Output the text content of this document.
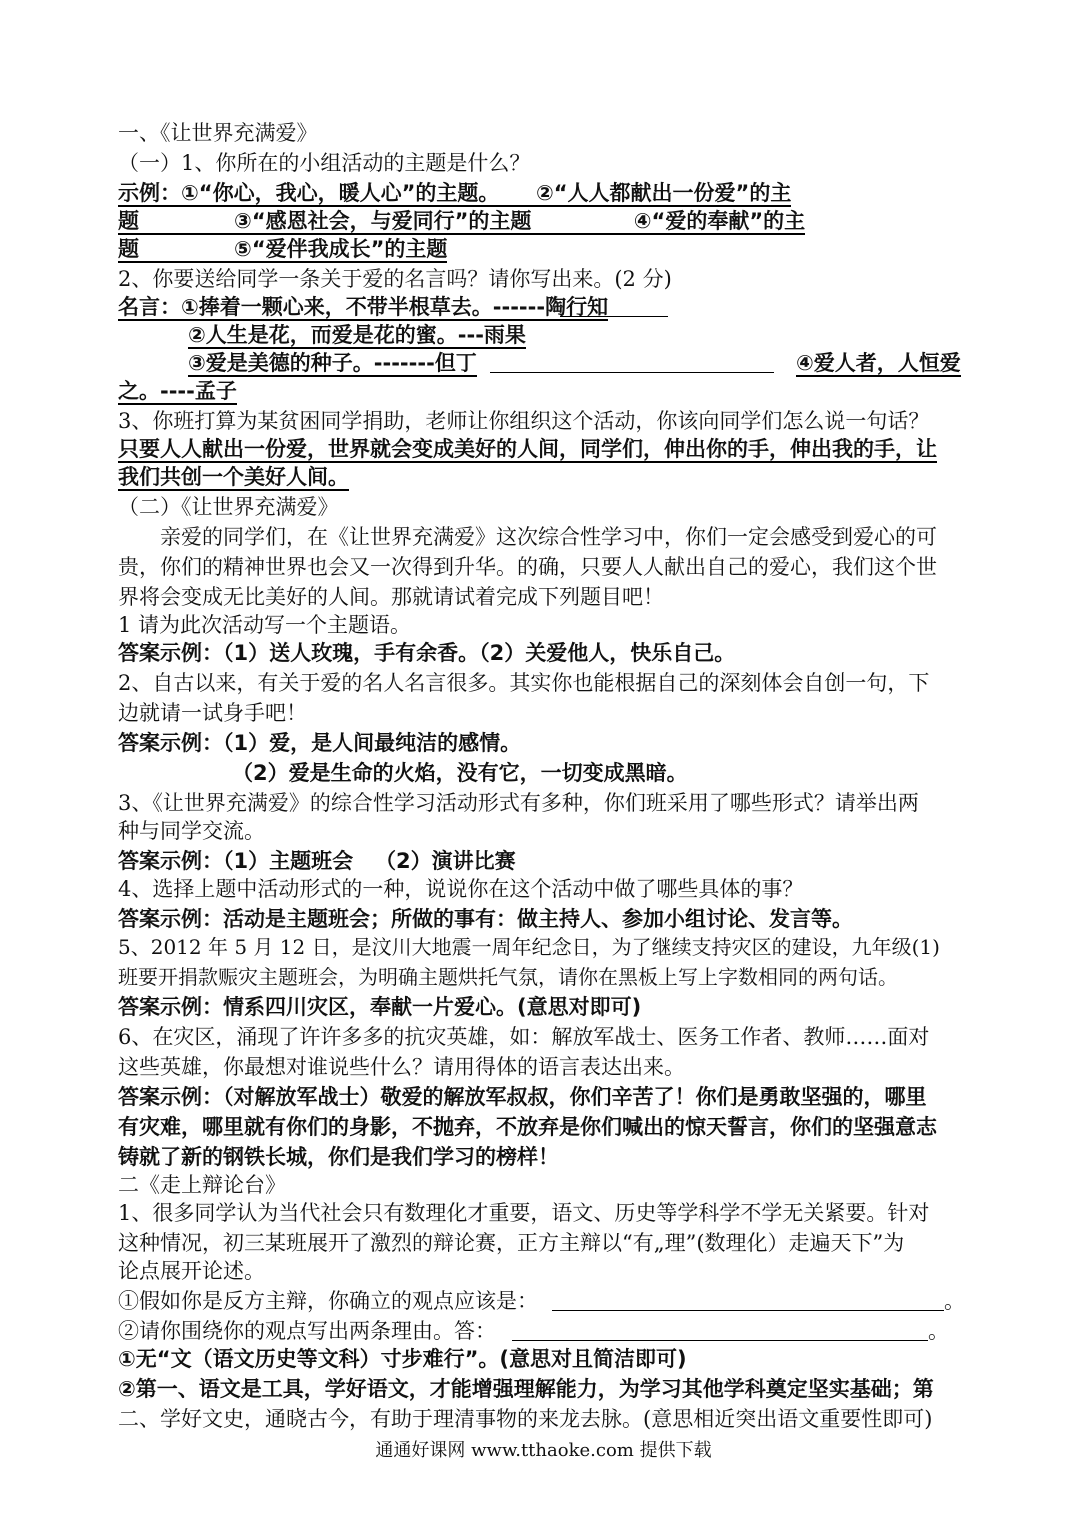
一、《让世界充满爱》
（一）1、你所在的小组活动的主题是什么？
示例：①“你心，我心，暖人心”的主题。     ②“人人都献出一份爱”的主
题             ③“感恩社会，与爱同行”的主题              ④“爱的奉献”的主
题             ⑤“爱伴我成长”的主题
2、你要送给同学一条关于爱的名言吗？请你写出来。(2 分)
名言：①捧着一颗心来，不带半根草去。------陶行知
②人生是花，而爱是花的蜜。---雨果
③爱是美德的种子。-------但丁	④爱人者，人恒爱
之。----孟子
3、你班打算为某贫困同学捐助，老师让你组织这个活动，你该向同学们怎么说一句话？
只要人人献出一份爱，世界就会变成美好的人间，同学们，伸出你的手，伸出我的手，让
我们共创一个美好人间。
（二）《让世界充满爱》
亲爱的同学们，在《让世界充满爱》这次综合性学习中，你们一定会感受到爱心的可
贵，你们的精神世界也会又一次得到升华。的确，只要人人献出自己的爱心，我们这个世
界将会变成无比美好的人间。那就请试着完成下列题目吧！
1 请为此次活动写一个主题语。
答案示例：（1）送人玫瑰，手有余香。（2）关爱他人，快乐自己。
2、自古以来，有关于爱的名人名言很多。其实你也能根据自己的深刻体会自创一句，下
边就请一试身手吧！
答案示例：（1）爱，是人间最纯洁的感情。
（2）爱是生命的火焰，没有它，一切变成黑暗。
3、《让世界充满爱》的综合性学习活动形式有多种，你们班采用了哪些形式？请举出两
种与同学交流。
答案示例：（1）主题班会   （2）演讲比赛
4、选择上题中活动形式的一种，说说你在这个活动中做了哪些具体的事？
答案示例：活动是主题班会；所做的事有：做主持人、参加小组讨论、发言等。
5、2012 年 5 月 12 日，是汶川大地震一周年纪念日，为了继续支持灾区的建设，九年级(1)
班要开捐款赈灾主题班会，为明确主题烘托气氛，请你在黑板上写上字数相同的两句话。
答案示例：情系四川灾区，奉献一片爱心。(意思对即可)
6、在灾区，涌现了许许多多的抗灾英雄，如：解放军战士、医务工作者、教师……面对
这些英雄，你最想对谁说些什么？请用得体的语言表达出来。
答案示例：（对解放军战士）敬爱的解放军叔叔，你们辛苦了！你们是勇敢坚强的，哪里
有灾难，哪里就有你们的身影，不抛弃，不放弃是你们喊出的惊天誓言，你们的坚强意志
铸就了新的钢铁长城，你们是我们学习的榜样！
二《走上辩论台》
1、很多同学认为当代社会只有数理化才重要，语文、历史等学科学不学无关紧要。针对
这种情况，初三某班展开了激烈的辩论赛，正方主辩以“有„理”(数理化）走遍天下”为
论点展开论述。
①假如你是反方主辩，你确立的观点应该是：	。
②请你围绕你的观点写出两条理由。答：	。
①无“文（语文历史等文科）寸步难行”。(意思对且简洁即可)
②第一、语文是工具，学好语文，才能增强理解能力，为学习其他学科奠定坚实基础；第
二、学好文史，通晓古今，有助于理清事物的来龙去脉。(意思相近突出语文重要性即可)
通通好课网 www.tthaoke.com 提供下载
